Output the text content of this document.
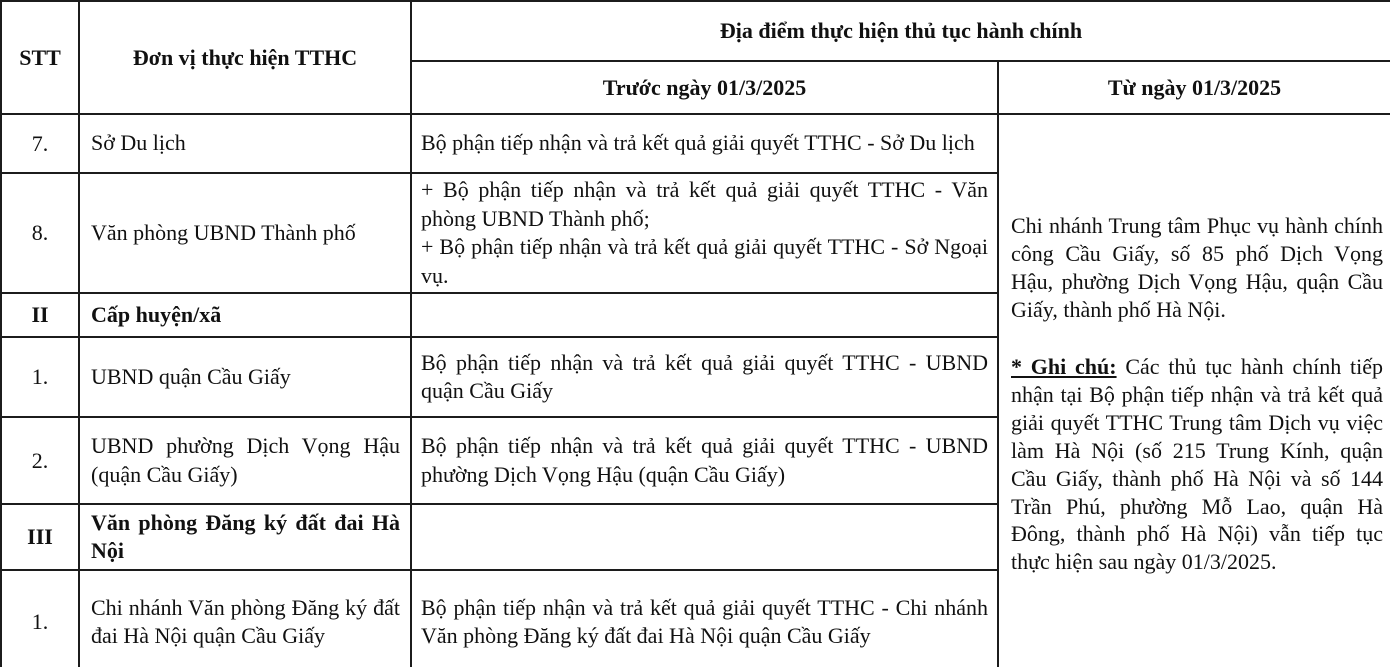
STT	Đơn vị thực hiện TTHC	Địa điểm thực hiện thủ tục hành chính	
		Trước ngày 01/3/2025	Từ ngày 01/3/2025
7.	Sở Du lịch	Bộ phận tiếp nhận và trả kết quả giải quyết TTHC - Sở Du lịch	Chi nhánh Trung tâm Phục vụ hành chính công Cầu Giấy, số 85 phố Dịch Vọng Hậu, phường Dịch Vọng Hậu, quận Cầu Giấy, thành phố Hà Nội.
* Ghi chú: Các thủ tục hành chính tiếp nhận tại Bộ phận tiếp nhận và trả kết quả giải quyết TTHC Trung tâm Dịch vụ việc làm Hà Nội (số 215 Trung Kính, quận Cầu Giấy, thành phố Hà Nội và số 144 Trần Phú, phường Mỗ Lao, quận Hà Đông, thành phố Hà Nội) vẫn tiếp tục thực hiện sau ngày 01/3/2025.

8.	Văn phòng UBND Thành phố	+ Bộ phận tiếp nhận và trả kết quả giải quyết TTHC - Văn phòng UBND Thành phố;
+ Bộ phận tiếp nhận và trả kết quả giải quyết TTHC - Sở Ngoại vụ.	

II	Cấp huyện/xã		
1.	UBND quận Cầu Giấy	Bộ phận tiếp nhận và trả kết quả giải quyết TTHC - UBND quận Cầu Giấy	

2.	UBND phường Dịch Vọng Hậu (quận Cầu Giấy)	Bộ phận tiếp nhận và trả kết quả giải quyết TTHC - UBND phường Dịch Vọng Hậu (quận Cầu Giấy)	

III	Văn phòng Đăng ký đất đai Hà Nội		
1.	Chi nhánh Văn phòng Đăng ký đất đai Hà Nội quận Cầu Giấy	Bộ phận tiếp nhận và trả kết quả giải quyết TTHC - Chi nhánh Văn phòng Đăng ký đất đai Hà Nội quận Cầu Giấy	
